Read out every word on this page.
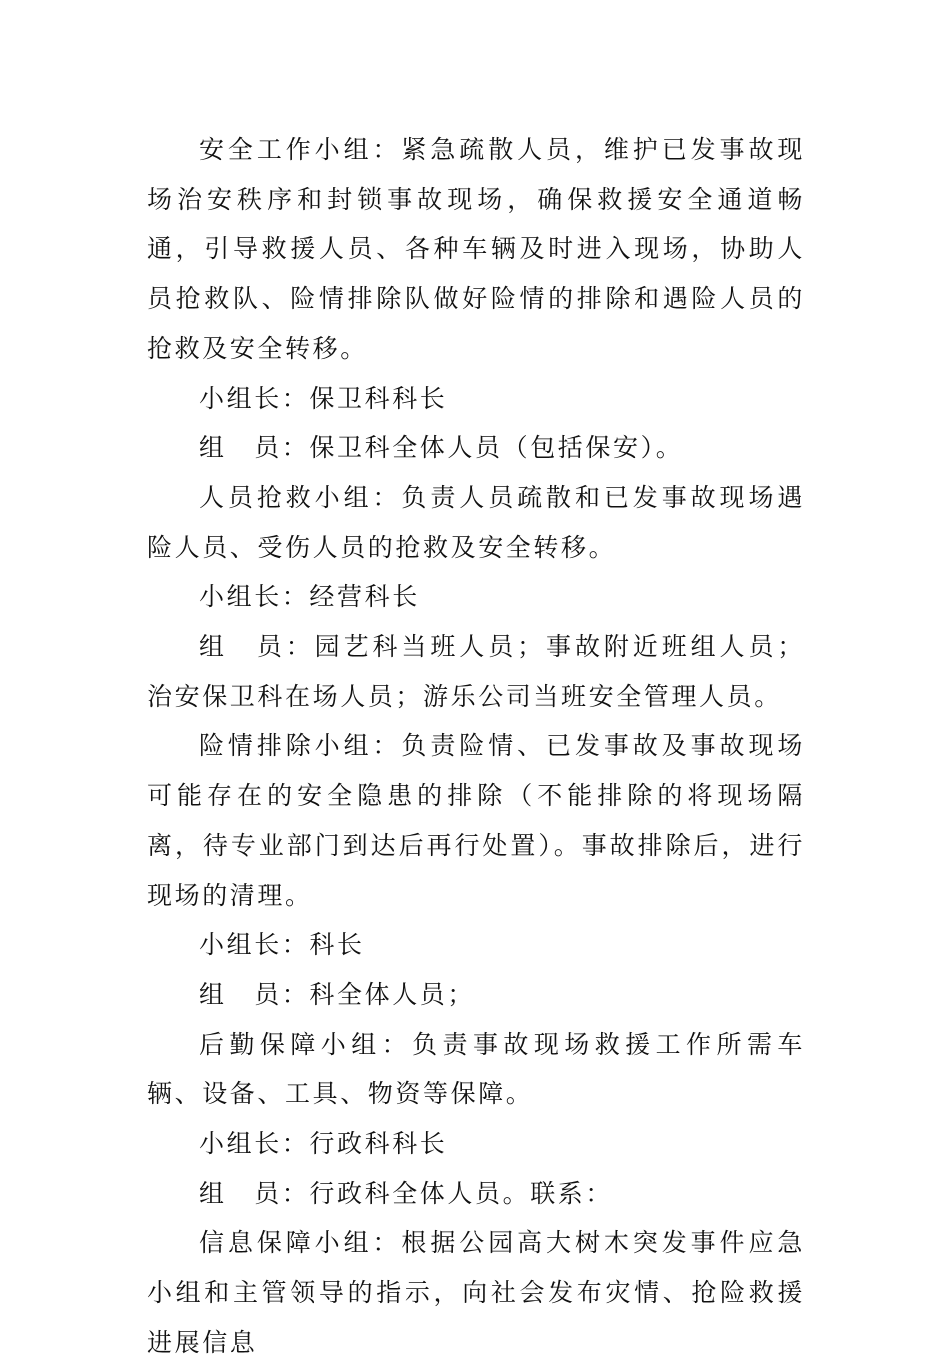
安全工作小组：紧急疏散人员，维护已发事故现场治安秩序和封锁事故现场，确保救援安全通道畅通，引导救援人员、各种车辆及时进入现场，协助人员抢救队、险情排除队做好险情的排除和遇险人员的抢救及安全转移。

小组长：保卫科科长

组　员：保卫科全体人员（包括保安）。

人员抢救小组：负责人员疏散和已发事故现场遇险人员、受伤人员的抢救及安全转移。

小组长：经营科长

组　员：园艺科当班人员；事故附近班组人员；治安保卫科在场人员；游乐公司当班安全管理人员。

险情排除小组：负责险情、已发事故及事故现场可能存在的安全隐患的排除（不能排除的将现场隔离，待专业部门到达后再行处置）。事故排除后，进行现场的清理。

小组长：科长

组　员：科全体人员；

后勤保障小组：负责事故现场救援工作所需车辆、设备、工具、物资等保障。

小组长：行政科科长

组　员：行政科全体人员。联系：

信息保障小组：根据公园高大树木突发事件应急小组和主管领导的指示，向社会发布灾情、抢险救援进展信息
